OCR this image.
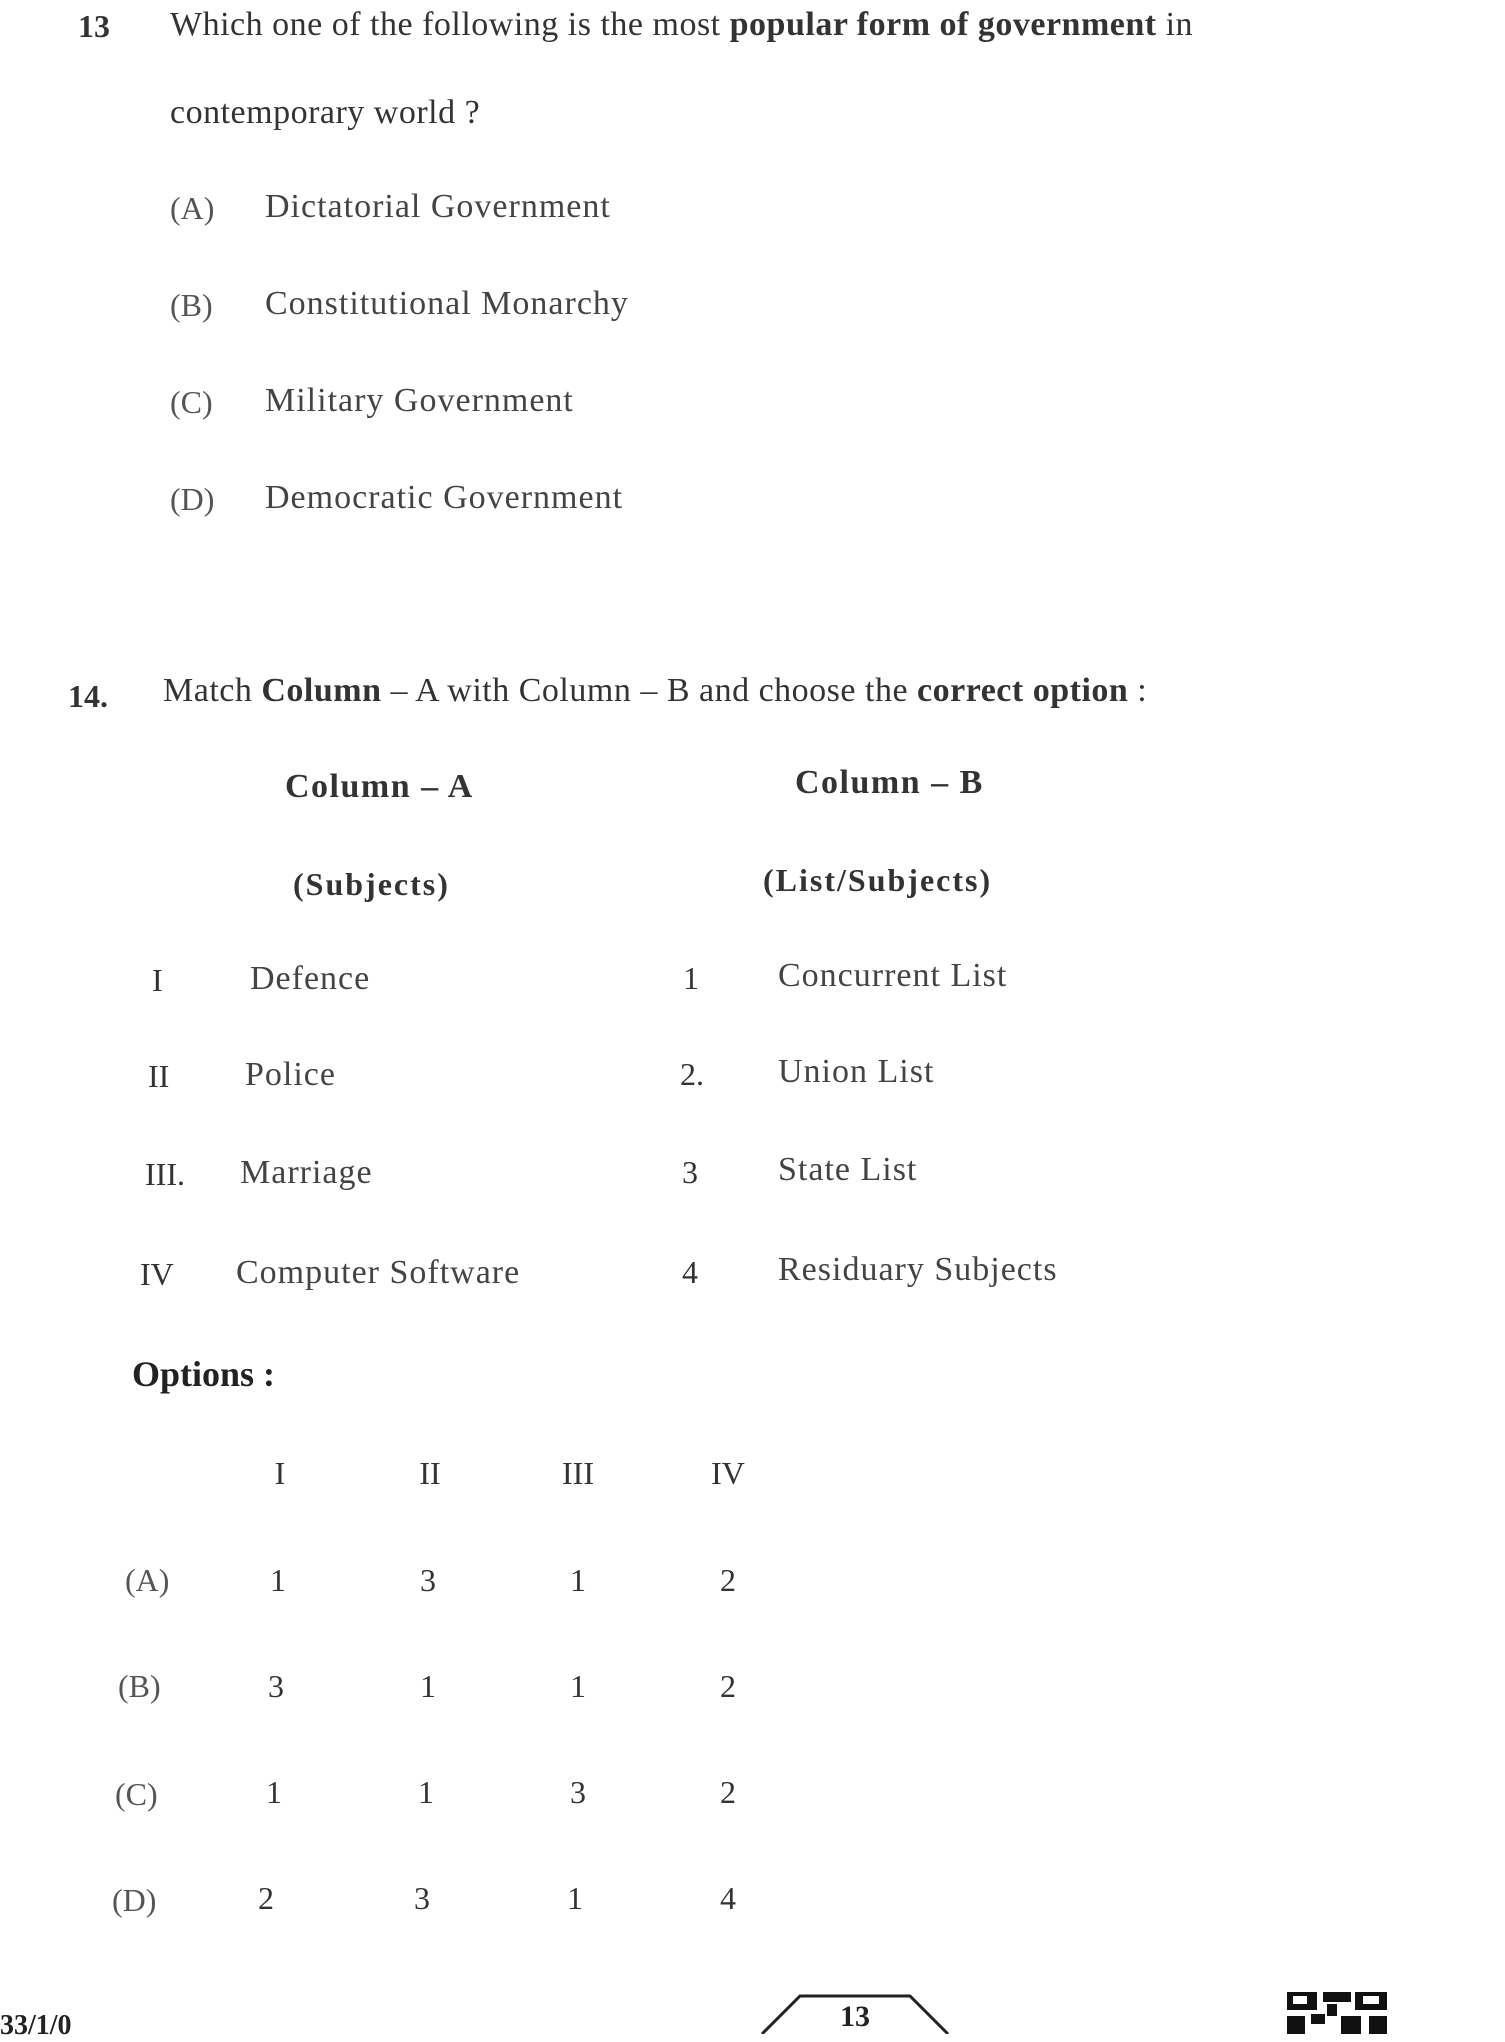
13 Which one of the following is the most popular form of government in
contemporary world ?
(A) Dictatorial Government
(B) Constitutional Monarchy
(C) Military Government
(D) Democratic Government
14. Match Column – A with Column – B and choose the correct option :
Column – A	Column – B
(Subjects)	(List/Subjects)
I	Defence	1 Concurrent List
II Police	2. Union List
III. Marriage	3 State List
IV Computer Software	4 Residuary Subjects
Options :
I	II	III	IV
(A)	1	3	1	2
(B)	3	1	1	2
(C)	1	1	3	2
(D)	2	3	1	4
33/1/0	13
